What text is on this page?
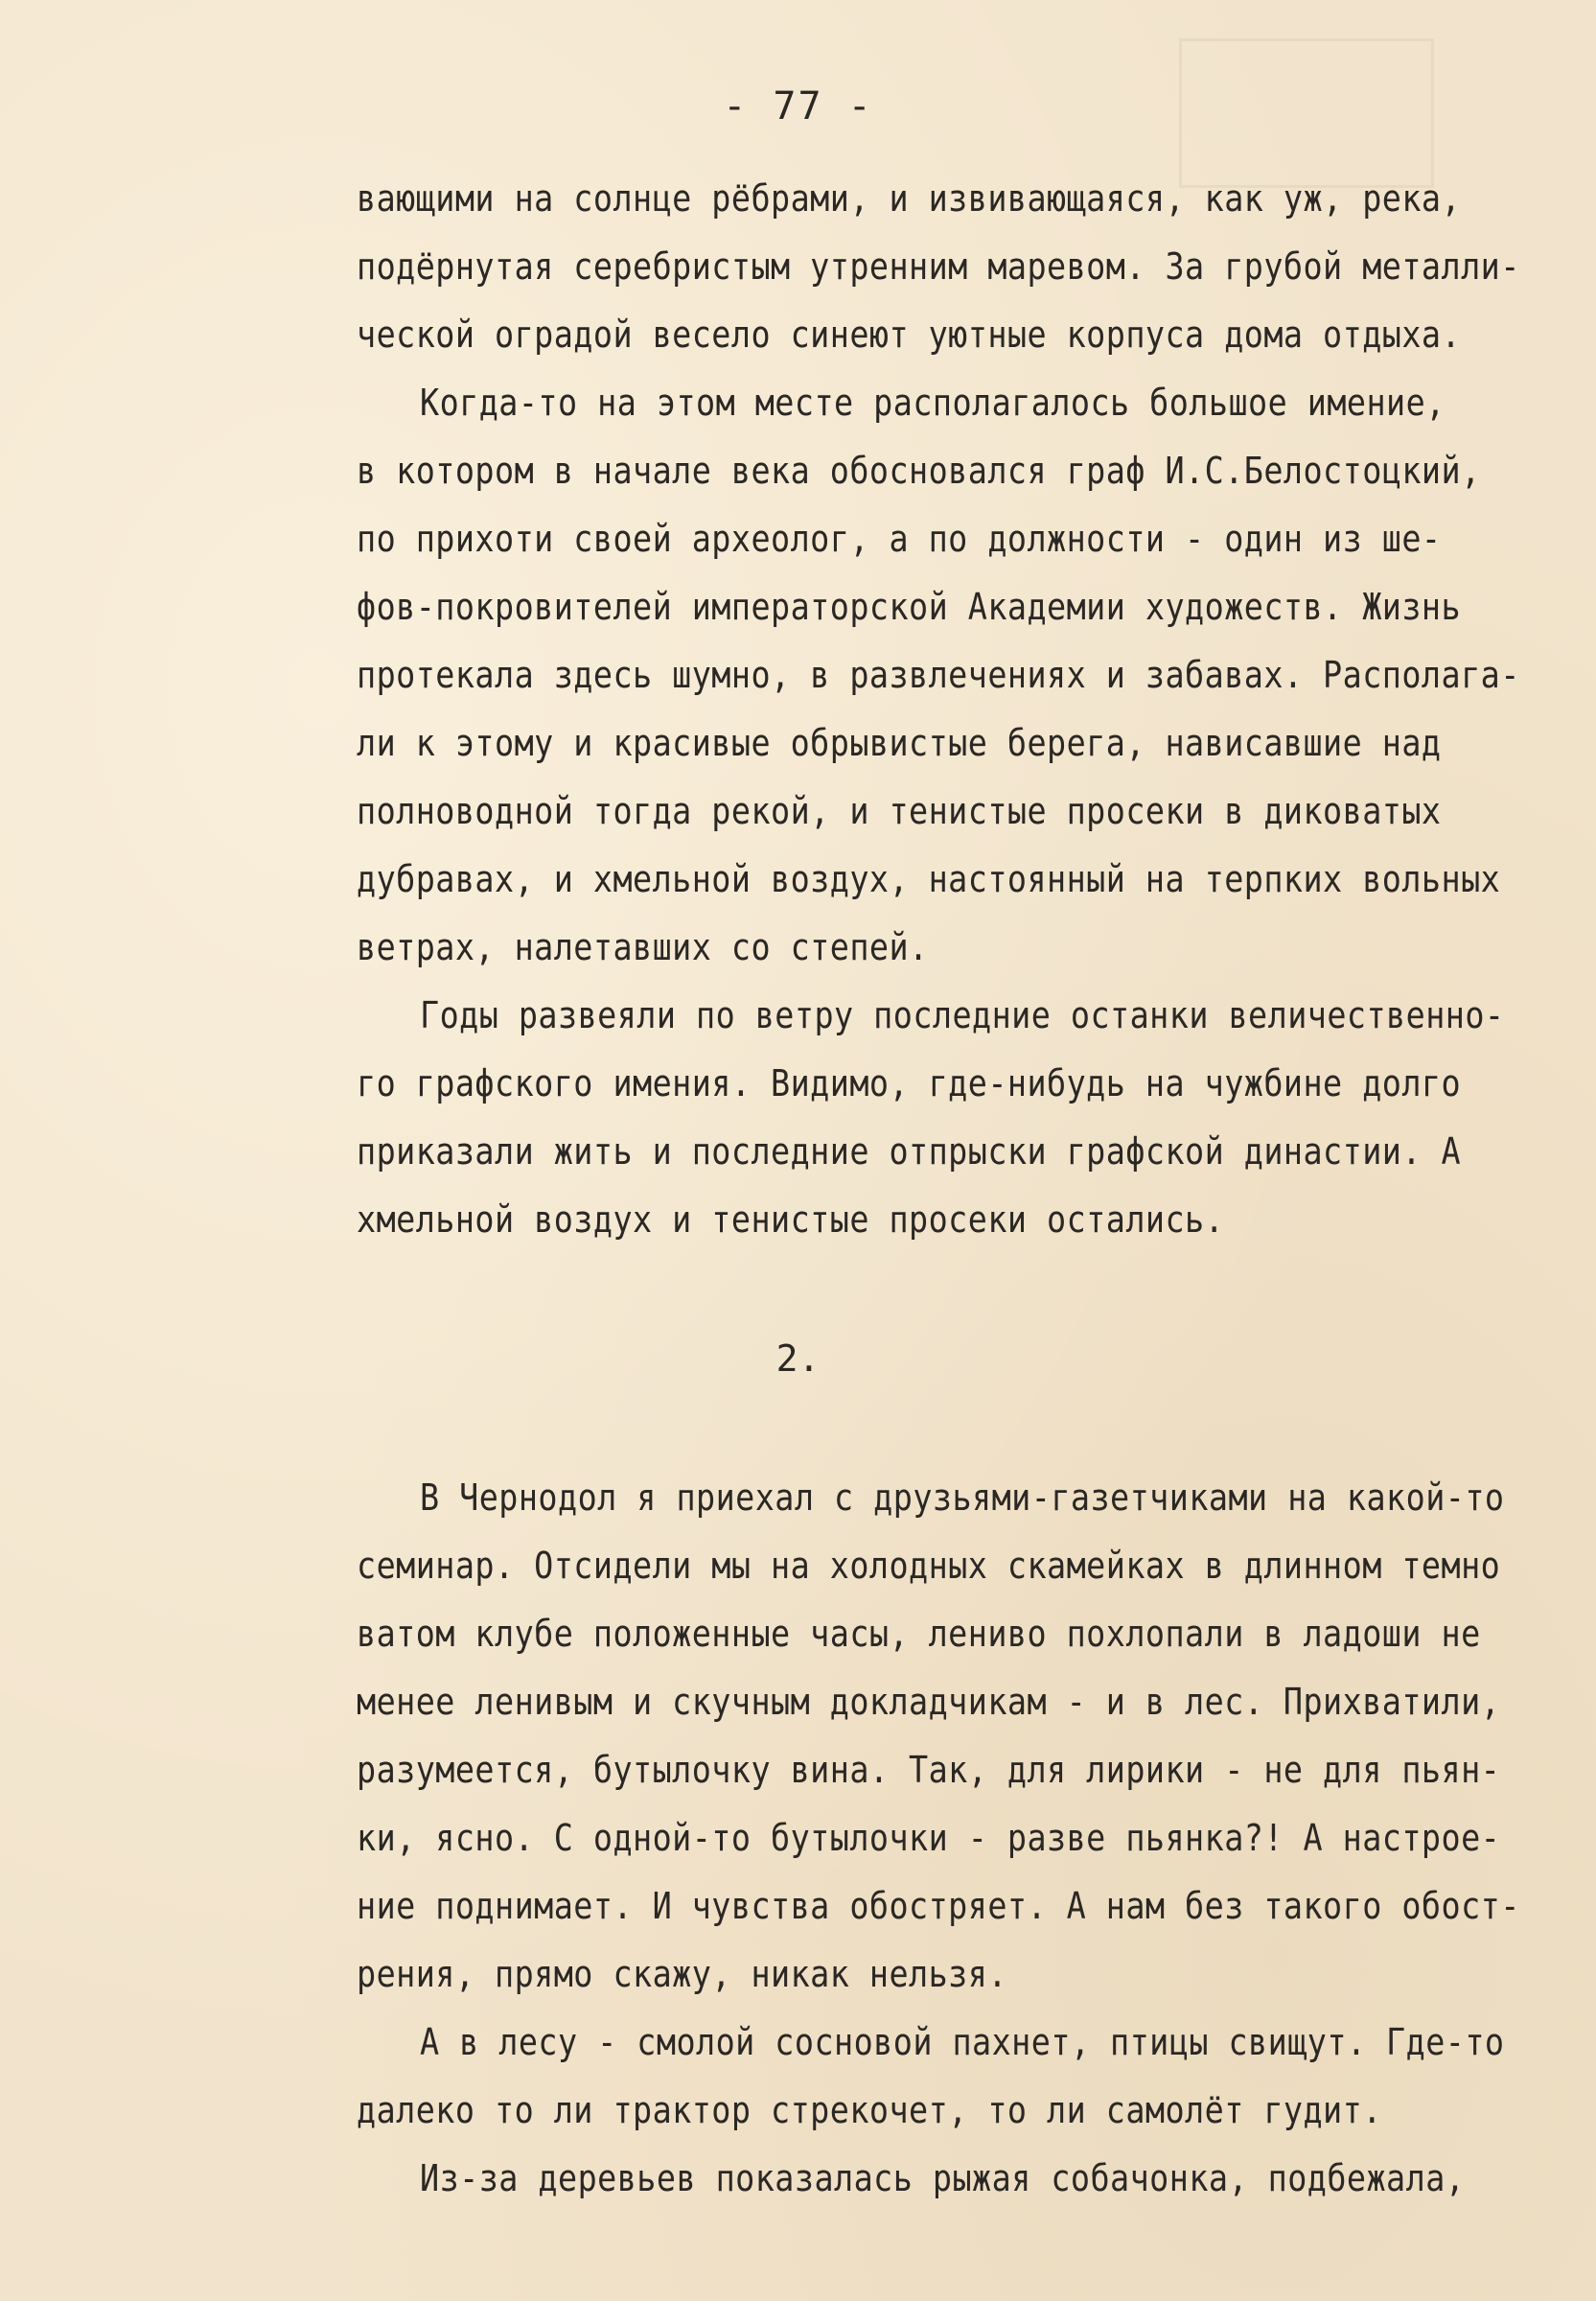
- 77 -
2.
вающими на солнце рёбрами, и извивающаяся, как уж, река,
подёрнутая серебристым утренним маревом. За грубой металли-
ческой оградой весело синеют уютные корпуса дома отдыха.
Когда-то на этом месте располагалось большое имение,
в котором в начале века обосновался граф И.С.Белостоцкий,
по прихоти своей археолог, а по должности - один из ше-
фов-покровителей императорской Академии художеств. Жизнь
протекала здесь шумно, в развлечениях и забавах. Располага-
ли к этому и красивые обрывистые берега, нависавшие над
полноводной тогда рекой, и тенистые просеки в диковатых
дубравах, и хмельной воздух, настоянный на терпких вольных
ветрах, налетавших со степей.
Годы развеяли по ветру последние останки величественно-
го графского имения. Видимо, где-нибудь на чужбине долго
приказали жить и последние отпрыски графской династии. А
хмельной воздух и тенистые просеки остались.
В Чернодол я приехал с друзьями-газетчиками на какой-то
семинар. Отсидели мы на холодных скамейках в длинном темно
ватом клубе положенные часы, лениво похлопали в ладоши не
менее ленивым и скучным докладчикам - и в лес. Прихватили,
разумеется, бутылочку вина. Так, для лирики - не для пьян-
ки, ясно. С одной-то бутылочки - разве пьянка?! А настрое-
ние поднимает. И чувства обостряет. А нам без такого обост-
рения, прямо скажу, никак нельзя.
А в лесу - смолой сосновой пахнет, птицы свищут. Где-то
далеко то ли трактор стрекочет, то ли самолёт гудит.
Из-за деревьев показалась рыжая собачонка, подбежала,
